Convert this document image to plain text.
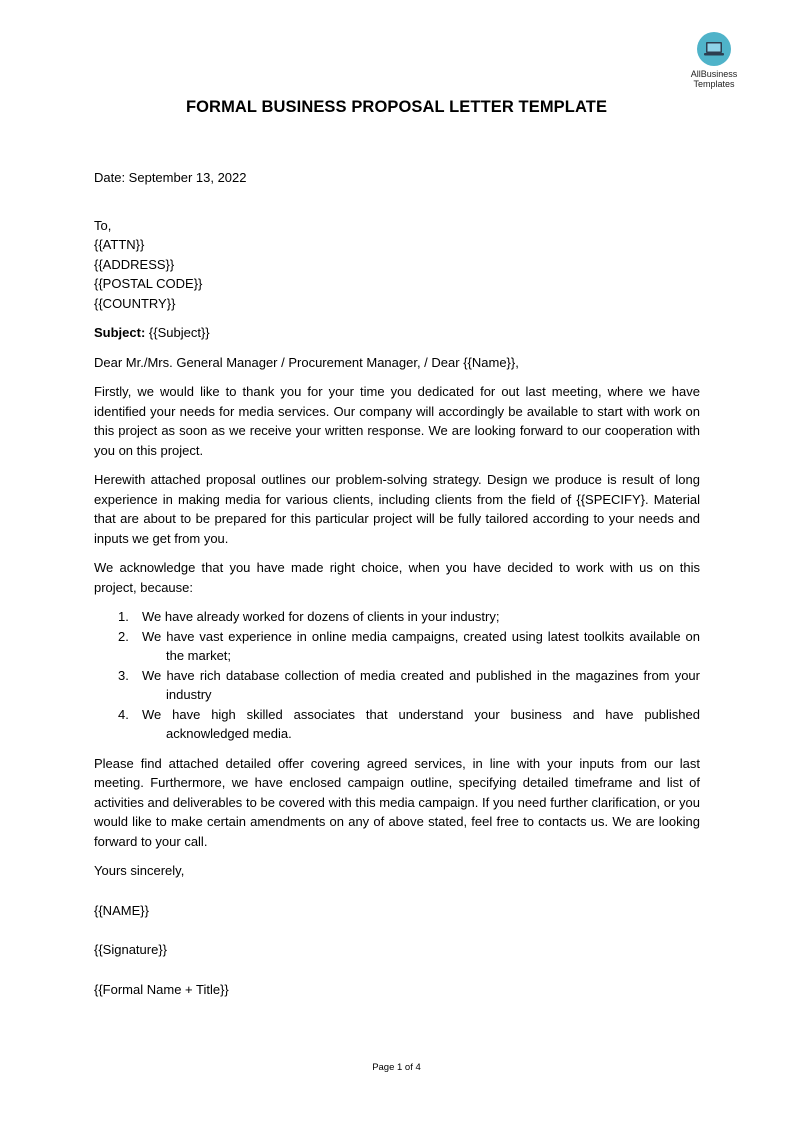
AllBusiness
Templates
FORMAL BUSINESS PROPOSAL LETTER TEMPLATE
Date: September 13, 2022
To,
{{ATTN}}
{{ADDRESS}}
{{POSTAL CODE}}
{{COUNTRY}}
Subject: {{Subject}}
Dear Mr./Mrs. General Manager / Procurement Manager, / Dear {{Name}},

Firstly, we would like to thank you for your time you dedicated for out last meeting, where we have identified your needs for media services. Our company will accordingly be available to start with work on this project as soon as we receive your written response. We are looking forward to our cooperation with you on this project.

Herewith attached proposal outlines our problem-solving strategy. Design we produce is result of long experience in making media for various clients, including clients from the field of {{SPECIFY}. Material that are about to be prepared for this particular project will be fully tailored according to your needs and inputs we get from you.

We acknowledge that you have made right choice, when you have decided to work with us on this project, because:

1. We have already worked for dozens of clients in your industry;
2. We have vast experience in online media campaigns, created using latest toolkits available on the market;
3. We have rich database collection of media created and published in the magazines from your industry
4. We have high skilled associates that understand your business and have published acknowledged media.

Please find attached detailed offer covering agreed services, in line with your inputs from our last meeting. Furthermore, we have enclosed campaign outline, specifying detailed timeframe and list of activities and deliverables to be covered with this media campaign. If you need further clarification, or you would like to make certain amendments on any of above stated, feel free to contacts us. We are looking forward to your call.

Yours sincerely,

{{NAME}}

{{Signature}}

{{Formal Name + Title}}

Page 1 of 4
